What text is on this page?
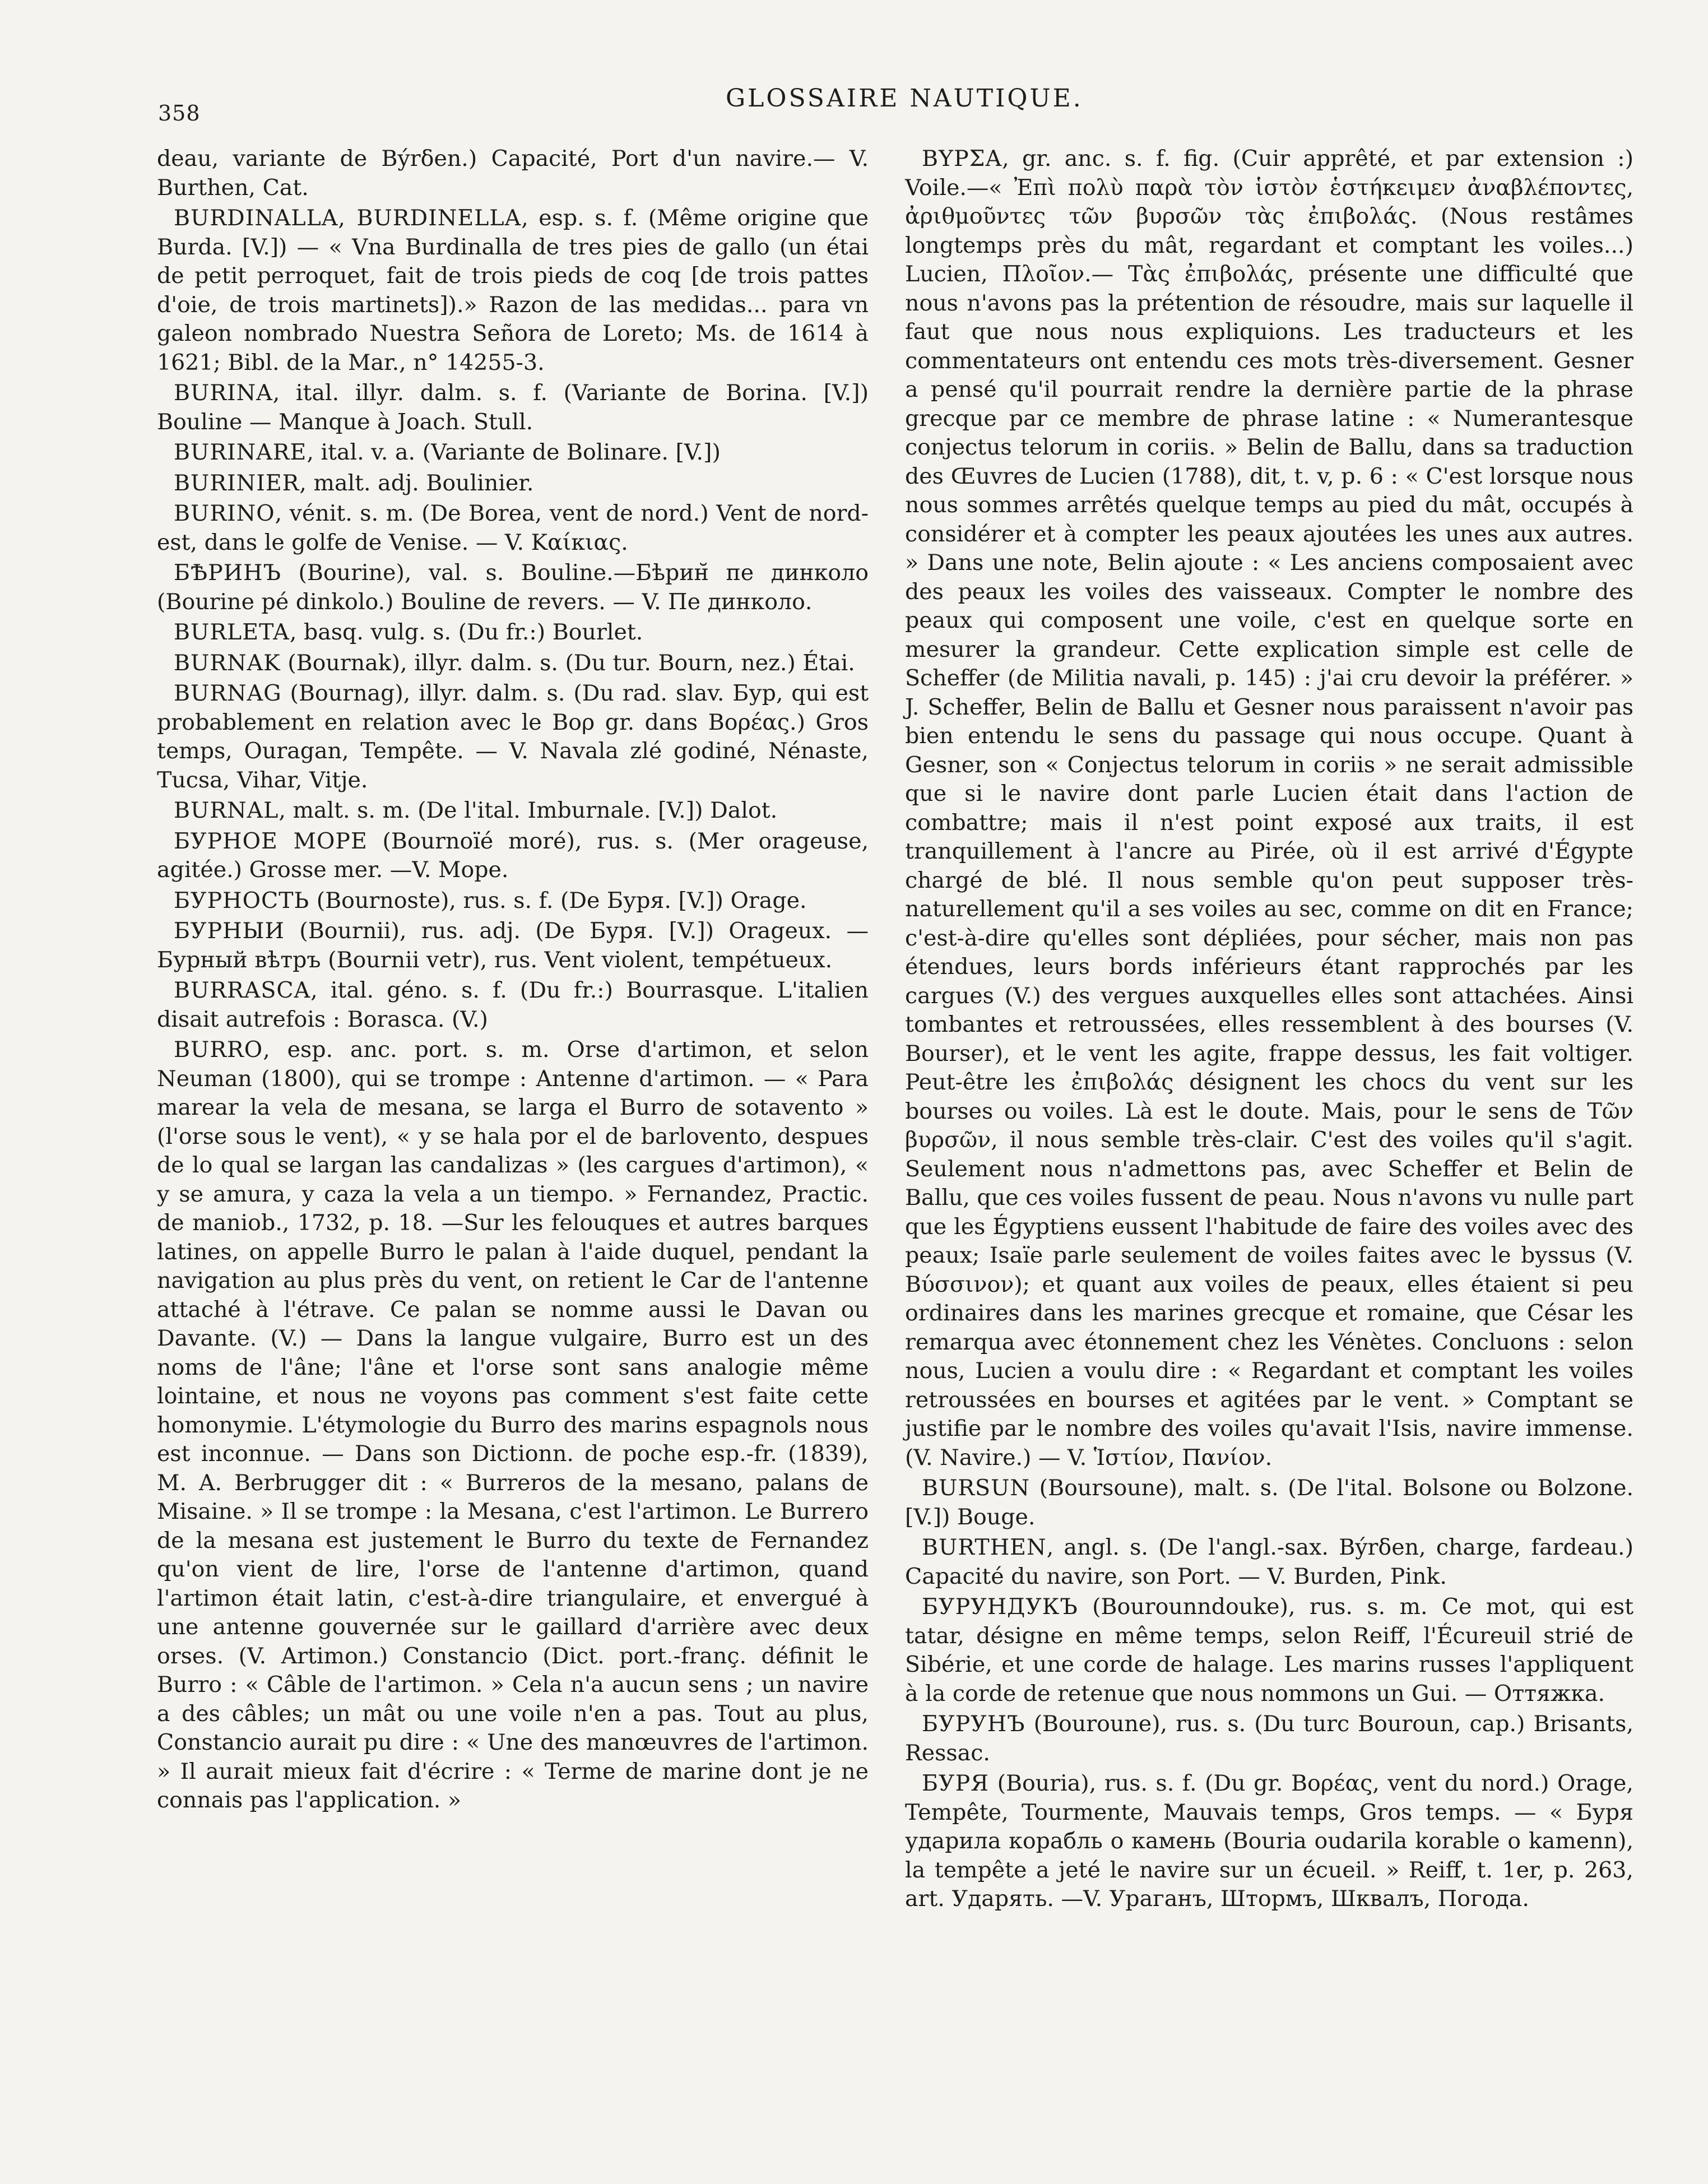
358
GLOSSAIRE NAUTIQUE.

deau, variante de Βýrδen.) Capacité, Port d'un navire.— V. Burthen, Cat.

BURDINALLA, BURDINELLA, esp. s. f. (Même origine que Burda. [V.]) — « Vna Burdinalla de tres pies de gallo (un étai de petit perroquet, fait de trois pieds de coq [de trois pattes d'oie, de trois martinets]).» Razon de las medidas... para vn galeon nombrado Nuestra Señora de Loreto; Ms. de 1614 à 1621; Bibl. de la Mar., n° 14255-3.

BURINA, ital. illyr. dalm. s. f. (Variante de Borina. [V.]) Bouline — Manque à Joach. Stull.

BURINARE, ital. v. a. (Variante de Bolinare. [V.])

BURINIER, malt. adj. Boulinier.

BURINO, vénit. s. m. (De Borea, vent de nord.) Vent de nord-est, dans le golfe de Venise. — V. Καίκιας.

БѢРИНЪ (Bourine), val. s. Bouline.—Бѣрин̆ пе динколо (Bourine pé dinkolo.) Bouline de revers. — V. Пе динколо.

BURLETA, basq. vulg. s. (Du fr.:) Bourlet.

BURNAK (Bournak), illyr. dalm. s. (Du tur. Bourn, nez.) Étai.

BURNAG (Bournag), illyr. dalm. s. (Du rad. slav. Бур, qui est probablement en relation avec le Βορ gr. dans Βορέας.) Gros temps, Ouragan, Tempête. — V. Navala zlé godiné, Nénaste, Tucsa, Vihar, Vitje.

BURNAL, malt. s. m. (De l'ital. Imburnale. [V.]) Dalot.

БУРНОЕ МОРЕ (Bournoïé moré), rus. s. (Mer orageuse, agitée.) Grosse mer. —V. Море.

БУРНОСТЬ (Bournoste), rus. s. f. (De Буря. [V.]) Orage.

БУРНЫИ (Bournii), rus. adj. (De Буря. [V.]) Orageux. — Бурный вѣтръ (Bournii vetr), rus. Vent violent, tempétueux.

BURRASCA, ital. géno. s. f. (Du fr.:) Bourrasque. L'italien disait autrefois : Borasca. (V.)

BURRO, esp. anc. port. s. m. Orse d'artimon, et selon Neuman (1800), qui se trompe : Antenne d'artimon. — « Para marear la vela de mesana, se larga el Burro de sotavento » (l'orse sous le vent), « y se hala por el de barlovento, despues de lo qual se largan las candalizas » (les cargues d'artimon), « y se amura, y caza la vela a un tiempo. » Fernandez, Practic. de maniob., 1732, p. 18. —Sur les felouques et autres barques latines, on appelle Burro le palan à l'aide duquel, pendant la navigation au plus près du vent, on retient le Car de l'antenne attaché à l'étrave. Ce palan se nomme aussi le Davan ou Davante. (V.) — Dans la langue vulgaire, Burro est un des noms de l'âne; l'âne et l'orse sont sans analogie même lointaine, et nous ne voyons pas comment s'est faite cette homonymie. L'étymologie du Burro des marins espagnols nous est inconnue. — Dans son Dictionn. de poche esp.-fr. (1839), M. A. Berbrugger dit : « Burreros de la mesano, palans de Misaine. » Il se trompe : la Mesana, c'est l'artimon. Le Burrero de la mesana est justement le Burro du texte de Fernandez qu'on vient de lire, l'orse de l'antenne d'artimon, quand l'artimon était latin, c'est-à-dire triangulaire, et envergué à une antenne gouvernée sur le gaillard d'arrière avec deux orses. (V. Artimon.) Constancio (Dict. port.-franç. définit le Burro : « Câble de l'artimon. » Cela n'a aucun sens ; un navire a des câbles; un mât ou une voile n'en a pas. Tout au plus, Constancio aurait pu dire : « Une des manœuvres de l'artimon. » Il aurait mieux fait d'écrire : « Terme de marine dont je ne connais pas l'application. »

ΒΥΡΣΑ, gr. anc. s. f. fig. (Cuir apprêté, et par extension :) Voile.—« Ἐπὶ πολὺ παρὰ τὸν ἱστὸν ἑστήκειμεν ἀναβλέποντες, ἀριθμοῦντες τῶν βυρσῶν τὰς ἐπιβολάς. (Nous restâmes longtemps près du mât, regardant et comptant les voiles...) Lucien, Πλοῖον.— Τὰς ἐπιβολάς, présente une difficulté que nous n'avons pas la prétention de résoudre, mais sur laquelle il faut que nous nous expliquions. Les traducteurs et les commentateurs ont entendu ces mots très-diversement. Gesner a pensé qu'il pourrait rendre la dernière partie de la phrase grecque par ce membre de phrase latine : « Numerantesque conjectus telorum in coriis. » Belin de Ballu, dans sa traduction des Œuvres de Lucien (1788), dit, t. v, p. 6 : « C'est lorsque nous nous sommes arrêtés quelque temps au pied du mât, occupés à considérer et à compter les peaux ajoutées les unes aux autres. » Dans une note, Belin ajoute : « Les anciens composaient avec des peaux les voiles des vaisseaux. Compter le nombre des peaux qui composent une voile, c'est en quelque sorte en mesurer la grandeur. Cette explication simple est celle de Scheffer (de Militia navali, p. 145) : j'ai cru devoir la préférer. » J. Scheffer, Belin de Ballu et Gesner nous paraissent n'avoir pas bien entendu le sens du passage qui nous occupe. Quant à Gesner, son « Conjectus telorum in coriis » ne serait admissible que si le navire dont parle Lucien était dans l'action de combattre; mais il n'est point exposé aux traits, il est tranquillement à l'ancre au Pirée, où il est arrivé d'Égypte chargé de blé. Il nous semble qu'on peut supposer très-naturellement qu'il a ses voiles au sec, comme on dit en France; c'est-à-dire qu'elles sont dépliées, pour sécher, mais non pas étendues, leurs bords inférieurs étant rapprochés par les cargues (V.) des vergues auxquelles elles sont attachées. Ainsi tombantes et retroussées, elles ressemblent à des bourses (V. Bourser), et le vent les agite, frappe dessus, les fait voltiger. Peut-être les ἐπιβολάς désignent les chocs du vent sur les bourses ou voiles. Là est le doute. Mais, pour le sens de Τῶν βυρσῶν, il nous semble très-clair. C'est des voiles qu'il s'agit. Seulement nous n'admettons pas, avec Scheffer et Belin de Ballu, que ces voiles fussent de peau. Nous n'avons vu nulle part que les Égyptiens eussent l'habitude de faire des voiles avec des peaux; Isaïe parle seulement de voiles faites avec le byssus (V. Βύσσινον); et quant aux voiles de peaux, elles étaient si peu ordinaires dans les marines grecque et romaine, que César les remarqua avec étonnement chez les Vénètes. Concluons : selon nous, Lucien a voulu dire : « Regardant et comptant les voiles retroussées en bourses et agitées par le vent. » Comptant se justifie par le nombre des voiles qu'avait l'Isis, navire immense. (V. Navire.) — V. Ἱστίον, Πανίον.

BURSUN (Boursoune), malt. s. (De l'ital. Bolsone ou Bolzone. [V.]) Bouge.

BURTHEN, angl. s. (De l'angl.-sax. Βýrδen, charge, fardeau.) Capacité du navire, son Port. — V. Burden, Pink.

БУРУНДУКЪ (Bourounndouke), rus. s. m. Ce mot, qui est tatar, désigne en même temps, selon Reiff, l'Écureuil strié de Sibérie, et une corde de halage. Les marins russes l'appliquent à la corde de retenue que nous nommons un Gui. — Оттяжка.

БУРУНЪ (Bouroune), rus. s. (Du turc Bouroun, cap.) Brisants, Ressac.

БУРЯ (Bouria), rus. s. f. (Du gr. Βορέας, vent du nord.) Orage, Tempête, Tourmente, Mauvais temps, Gros temps. — « Буря ударила корабль о камень (Bouria oudarila korable o kamenn), la tempête a jeté le navire sur un écueil. » Reiff, t. 1er, p. 263, art. Ударять. —V. Ураганъ, Штормъ, Шквалъ, Погода.
